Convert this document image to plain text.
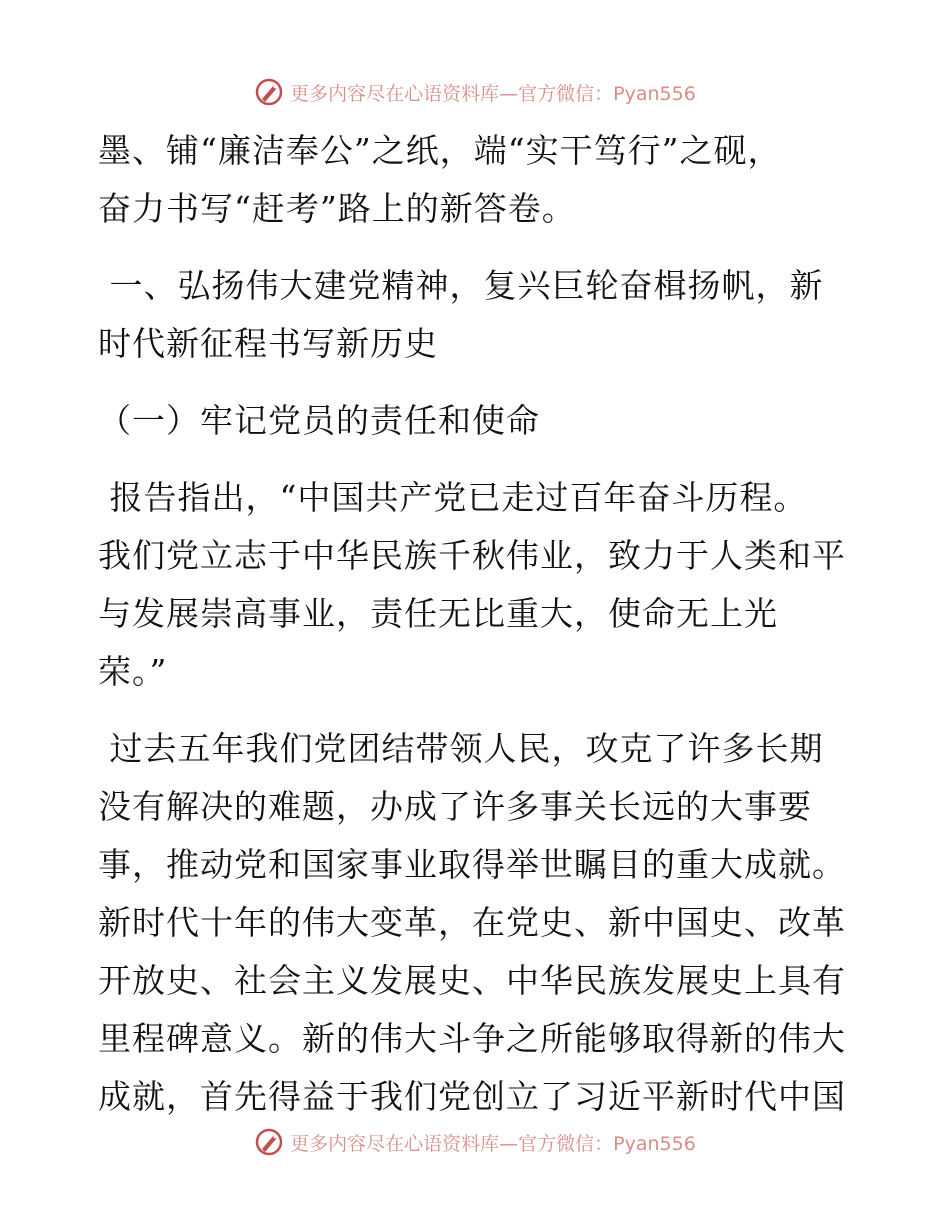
更多内容尽在心语资料库—官方微信：Pyan556

墨、铺“廉洁奉公”之纸，端“实干笃行”之砚，

奋力书写“赶考”路上的新答卷。

一、弘扬伟大建党精神，复兴巨轮奋楫扬帆，新

时代新征程书写新历史

（一）牢记党员的责任和使命

报告指出，“中国共产党已走过百年奋斗历程。

我们党立志于中华民族千秋伟业，致力于人类和平

与发展崇高事业，责任无比重大，使命无上光

荣。”

过去五年我们党团结带领人民，攻克了许多长期

没有解决的难题，办成了许多事关长远的大事要

事，推动党和国家事业取得举世瞩目的重大成就。

新时代十年的伟大变革，在党史、新中国史、改革

开放史、社会主义发展史、中华民族发展史上具有

里程碑意义。新的伟大斗争之所能够取得新的伟大

成就，首先得益于我们党创立了习近平新时代中国

更多内容尽在心语资料库—官方微信：Pyan556
